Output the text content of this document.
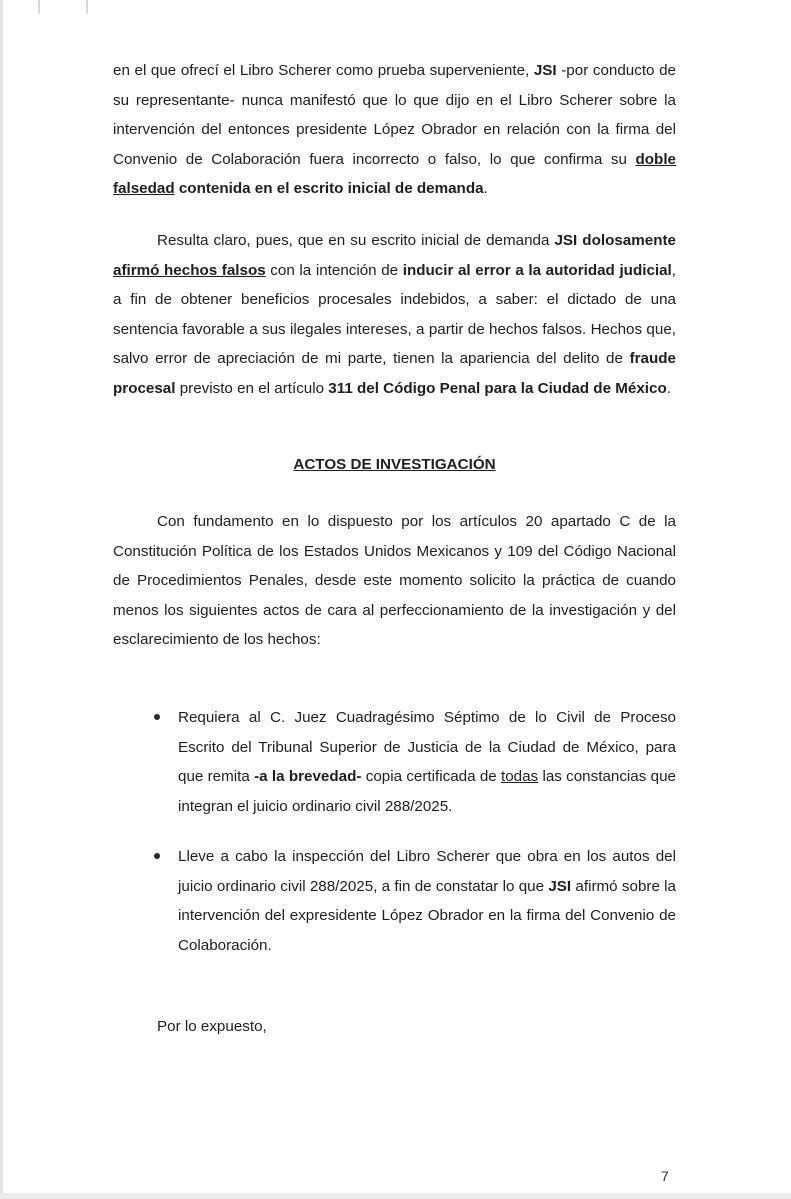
en el que ofrecí el Libro Scherer como prueba superveniente, JSI -por conducto de su representante- nunca manifestó que lo que dijo en el Libro Scherer sobre la intervención del entonces presidente López Obrador en relación con la firma del Convenio de Colaboración fuera incorrecto o falso, lo que confirma su doble falsedad contenida en el escrito inicial de demanda.

Resulta claro, pues, que en su escrito inicial de demanda JSI dolosamente afirmó hechos falsos con la intención de inducir al error a la autoridad judicial, a fin de obtener beneficios procesales indebidos, a saber: el dictado de una sentencia favorable a sus ilegales intereses, a partir de hechos falsos. Hechos que, salvo error de apreciación de mi parte, tienen la apariencia del delito de fraude procesal previsto en el artículo 311 del Código Penal para la Ciudad de México.

ACTOS DE INVESTIGACIÓN

Con fundamento en lo dispuesto por los artículos 20 apartado C de la Constitución Política de los Estados Unidos Mexicanos y 109 del Código Nacional de Procedimientos Penales, desde este momento solicito la práctica de cuando menos los siguientes actos de cara al perfeccionamiento de la investigación y del esclarecimiento de los hechos:

Requiera al C. Juez Cuadragésimo Séptimo de lo Civil de Proceso Escrito del Tribunal Superior de Justicia de la Ciudad de México, para que remita -a la brevedad- copia certificada de todas las constancias que integran el juicio ordinario civil 288/2025.

Lleve a cabo la inspección del Libro Scherer que obra en los autos del juicio ordinario civil 288/2025, a fin de constatar lo que JSI afirmó sobre la intervención del expresidente López Obrador en la firma del Convenio de Colaboración.

Por lo expuesto,

7
